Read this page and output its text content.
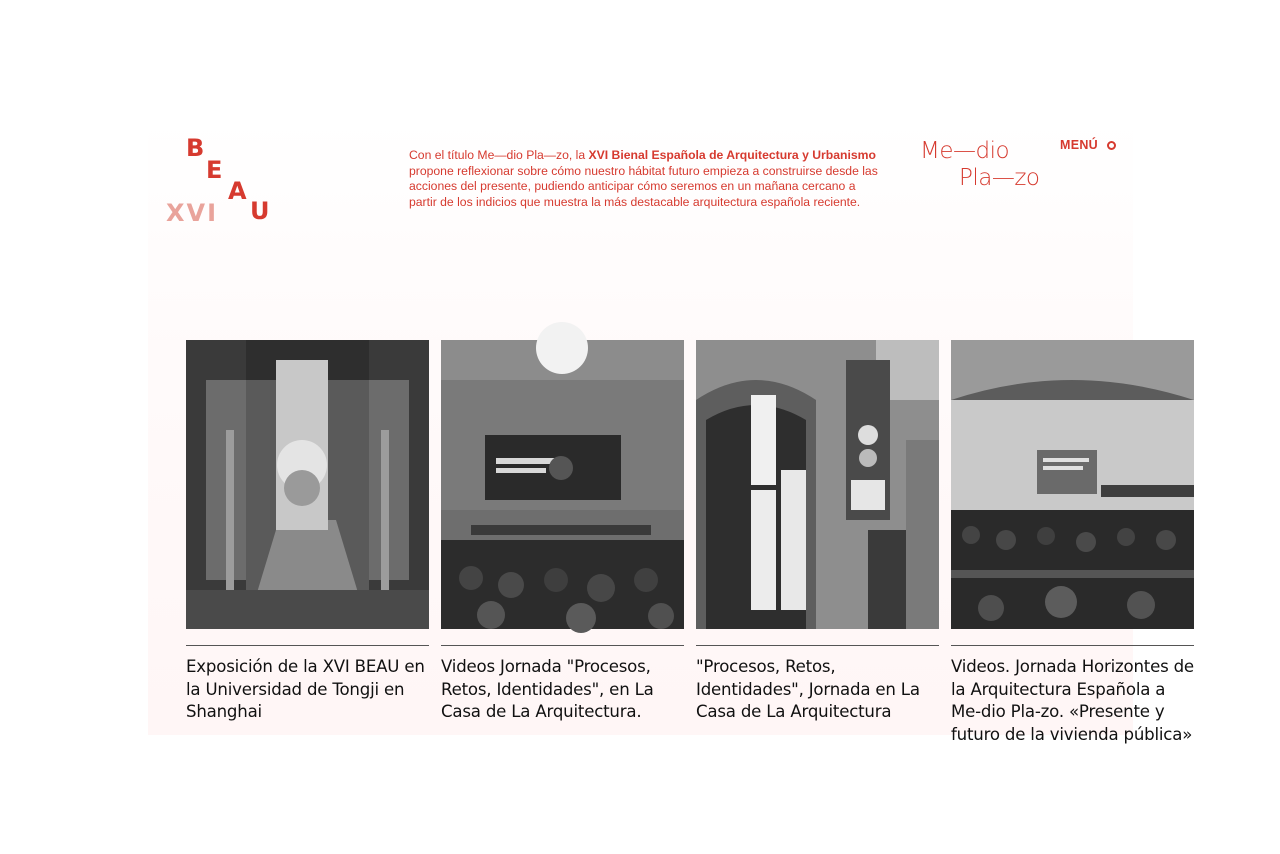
B
E
A
U
XVI

Con el título Me—dio Pla—zo, la XVI Bienal Española de Arquitectura y Urbanismo propone reflexionar sobre cómo nuestro hábitat futuro empieza a construirse desde las acciones del presente, pudiendo anticipar cómo seremos en un mañana cercano a partir de los indicios que muestra la más destacable arquitectura española reciente.

Me—dio
Pla—zo
MENÚ
Exposición de la XVI BEAU en la Universidad de Tongji en Shanghai
Videos Jornada "Procesos, Retos, Identidades", en La Casa de La Arquitectura.
"Procesos, Retos, Identidades", Jornada en La Casa de La Arquitectura
Videos. Jornada Horizontes de la Arquitectura Española a Me-dio Pla-zo. «Presente y futuro de la vivienda pública»
